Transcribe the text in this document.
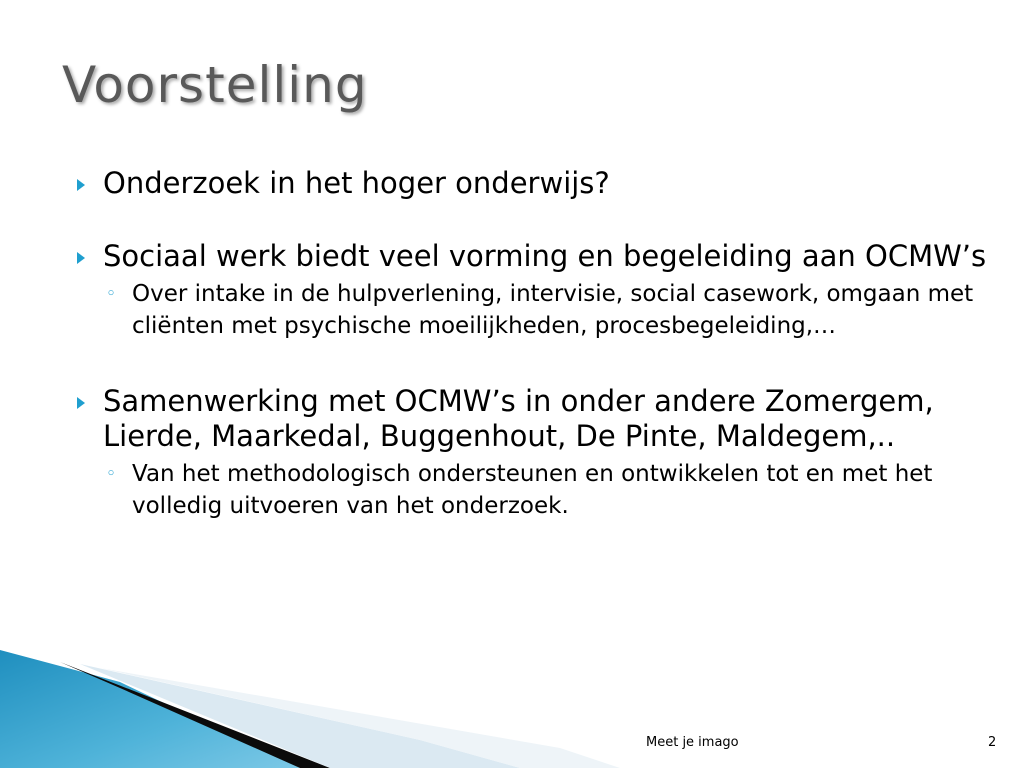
Voorstelling
Onderzoek in het hoger onderwijs?
Sociaal werk biedt veel vorming en begeleiding aan OCMW’s
◦ Over intake in de hulpverlening, intervisie, social casework, omgaan met cliënten met psychische moeilijkheden, procesbegeleiding,…
Samenwerking met OCMW’s in onder andere Zomergem, Lierde, Maarkedal, Buggenhout, De Pinte, Maldegem,..
◦ Van het methodologisch ondersteunen en ontwikkelen tot en met het volledig uitvoeren van het onderzoek.
Meet je imago	2
